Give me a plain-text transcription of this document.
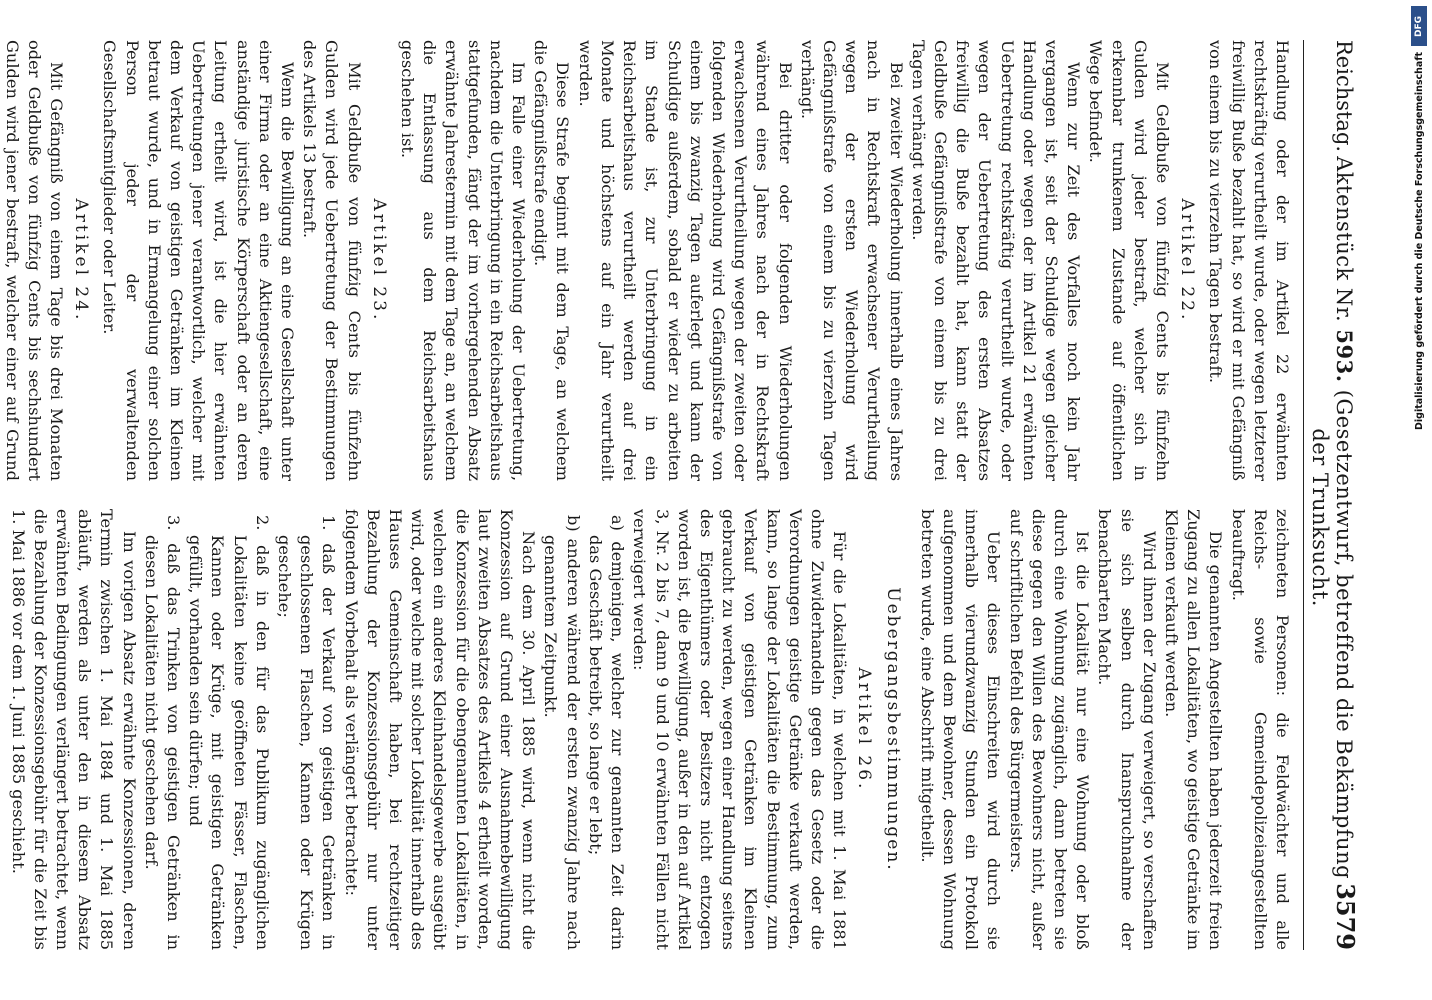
DFG
Digitalisierung gefördert durch die Deutsche Forschungsgemeinschaft
Reichstag.
Aktenstück Nr. 593. (Gesetzentwurf, betreffend die Bekämpfung der Trunksucht.
3579

Handlung oder der im Artikel 22 erwähnten rechtskräftig verurtheilt wurde, oder wegen letzterer freiwillig Buße bezahlt hat, so wird er mit Gefängniß von einem bis zu vierzehn Tagen bestraft.

Artikel 22.

Mit Geldbuße von fünfzig Cents bis fünfzehn Gulden wird jeder bestraft, welcher sich in erkennbar trunkenem Zustande auf öffentlichen Wege befindet.

Wenn zur Zeit des Vorfalles noch kein Jahr vergangen ist, seit der Schuldige wegen gleicher Handlung oder wegen der im Artikel 21 erwähnten Uebertretung rechtskräftig verurtheilt wurde, oder wegen der Uebertretung des ersten Absatzes freiwillig die Buße bezahlt hat, kann statt der Geldbuße Gefängnißstrafe von einem bis zu drei Tagen verhängt werden.

Bei zweiter Wiederholung innerhalb eines Jahres nach in Rechtskraft erwachsener Verurtheilung wegen der ersten Wiederholung wird Gefängnißstrafe von einem bis zu vierzehn Tagen verhängt.

Bei dritter oder folgenden Wiederholungen während eines Jahres nach der in Rechtskraft erwachsenen Verurtheilung wegen der zweiten oder folgenden Wiederholung wird Gefängnißstrafe von einem bis zwanzig Tagen auferlegt und kann der Schuldige außerdem, sobald er wieder zu arbeiten im Stande ist, zur Unterbringung in ein Reichsarbeitshaus verurtheilt werden auf drei Monate und höchstens auf ein Jahr verurtheilt werden.

Diese Strafe beginnt mit dem Tage, an welchem die Gefängnißstrafe endigt.

Im Falle einer Wiederholung der Uebertretung, nachdem die Unterbringung in ein Reichsarbeitshaus stattgefunden, fängt der im vorhergehenden Absatz erwähnte Jahrestermin mit dem Tage an, an welchem die Entlassung aus dem Reichsarbeitshaus geschehen ist.

Artikel 23.

Mit Geldbuße von fünfzig Cents bis fünfzehn Gulden wird jede Uebertretung der Bestimmungen des Artikels 13 bestraft.

Wenn die Bewilligung an eine Gesellschaft unter einer Firma oder an eine Aktiengesellschaft, eine anständige juristische Körperschaft oder an deren Leitung ertheilt wird, ist die hier erwähnten Uebertretungen jener verantwortlich, welcher mit dem Verkauf von geistigen Getränken im Kleinen betraut wurde, und in Ermangelung einer solchen Person jeder der verwaltenden Gesellschaftsmitglieder oder Leiter.

Artikel 24.

Mit Gefängniß von einem Tage bis drei Monaten oder Geldbuße von fünfzig Cents bis sechshundert Gulden wird jener bestraft, welcher einer auf Grund

zeichneten Personen: die Feldwächter und alle Reichs- sowie Gemeindepolizeiangestellten beauftragt.

Die genannten Angestellten haben jederzeit freien Zugang zu allen Lokalitäten, wo geistige Getränke im Kleinen verkauft werden.

Wird ihnen der Zugang verweigert, so verschaffen sie sich selben durch Inanspruchnahme der benachbarten Macht.

Ist die Lokalität nur eine Wohnung oder bloß durch eine Wohnung zugänglich, dann betreten sie diese gegen den Willen des Bewohners nicht, außer auf schriftlichen Befehl des Bürgermeisters.

Ueber dieses Einschreiten wird durch sie innerhalb vierundzwanzig Stunden ein Protokoll aufgenommen und dem Bewohner, dessen Wohnung betreten wurde, eine Abschrift mitgetheilt.

Uebergangsbestimmungen.
Artikel 26.

Für die Lokalitäten, in welchen mit 1. Mai 1881 ohne Zuwiderhandeln gegen das Gesetz oder die Verordnungen geistige Getränke verkauft werden, kann, so lange der Lokalitäten die Bestimmung, zum Verkauf von geistigen Getränken im Kleinen gebraucht zu werden, wegen einer Handlung seitens des Eigenthümers oder Besitzers nicht entzogen worden ist, die Bewilligung, außer in den auf Artikel 3, Nr. 2 bis 7, dann 9 und 10 erwähnten Fällen nicht verweigert werden:

a) demjenigen, welcher zur genannten Zeit darin das Geschäft betreibt, so lange er lebt;

b) anderen während der ersten zwanzig Jahre nach genanntem Zeitpunkt.

Nach dem 30. April 1885 wird, wenn nicht die Konzession auf Grund einer Ausnahmebewilligung laut zweiten Absatzes des Artikels 4 ertheilt worden, die Konzession für die obengenannten Lokalitäten, in welchen ein anderes Kleinhandelsgewerbe ausgeübt wird, oder welche mit solcher Lokalität innerhalb des Hauses Gemeinschaft haben, bei rechtzeitiger Bezahlung der Konzessionsgebühr nur unter folgendem Vorbehalt als verlängert betrachtet:

1. daß der Verkauf von geistigen Getränken in geschlossenen Flaschen, Kannen oder Krügen geschehe;

2. daß in den für das Publikum zugänglichen Lokalitäten keine geöffneten Fässer, Flaschen, Kannen oder Krüge, mit geistigen Getränken gefüllt, vorhanden sein dürfen; und

3. daß das Trinken von geistigen Getränken in diesen Lokalitäten nicht geschehen darf.

Im vorigen Absatz erwähnte Konzessionen, deren Termin zwischen 1. Mai 1884 und 1. Mai 1885 abläuft, werden als unter den in diesem Absatz erwähnten Bedingungen verlängert betrachtet, wenn die Bezahlung der Konzessionsgebühr für die Zeit bis 1. Mai 1886 vor dem 1. Juni 1885 geschieht.
